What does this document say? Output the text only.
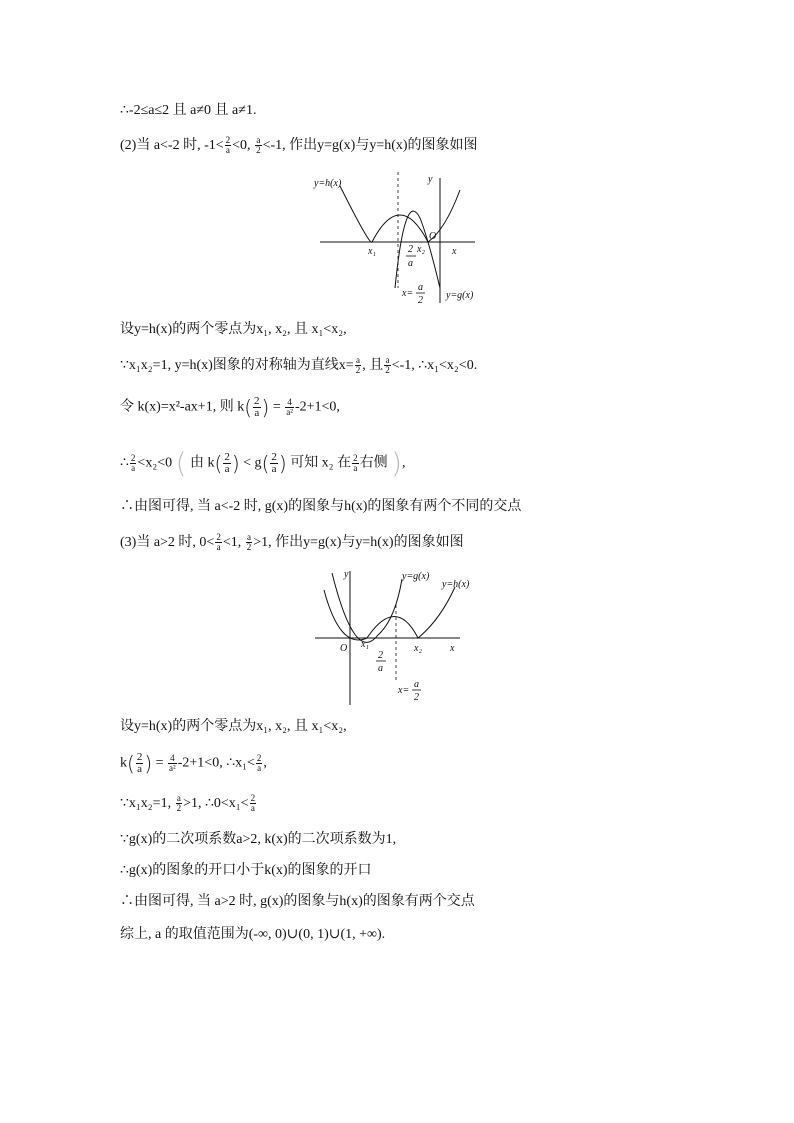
∴-2≤a≤2 且 a≠0 且 a≠1.
(2)当 a<-2 时, $-1< \frac{2}{a} <0$, $\frac{a}{2} <-1$, 作出y=g(x)与y=h(x)的图象如图
y=h(x)	y
x
O
x₁	x₂
2
a
x=
a
2 y=g(x)
设y=h(x)的两个零点为x₁, x₂, 且 x₁<x₂,
∵x₁x₂=1, y=h(x)图象的对称轴为直线$x= \frac{a}{2}$ , 且 $\frac{a}{2} <-1$, ∴x₁<x₂<0.
令 k(x)=x²-ax+1, 则 $k( \frac{2}{a}$ ) = $\frac{4}{\text{a²}} -2+1<0$,
∴ $\frac{2}{a} <x_2<0$ ( 由 $k( \frac{2}{a}$ ) < $g( \frac{2}{a}$ ) 可知 x₂ 在 $\frac{2}{a}$ 右侧 ),
∴由图可得, 当 a<-2 时, g(x)的图象与h(x)的图象有两个不同的交点
(3)当 a>2 时, $0< \frac{2}{a} <1$, $\frac{a}{2} >1$, 作出y=g(x)与y=h(x)的图象如图
y	y=g(x)
y=h(x)
O x₁	x₂	x
2
a
x=
a
2
设y=h(x)的两个零点为x₁, x₂, 且 x₁<x₂,
$k( \frac{2}{a}$ ) = $\frac{4}{\text{a²}} -2+1<0$, ∴x₁< $\frac{2}{a}$ ,
∵x₁x₂=1, $\frac{a}{2} >1$, ∴0<x₁< $\frac{2}{a}$
∵g(x)的二次项系数a>2, k(x)的二次项系数为1,
∴g(x)的图象的开口小于k(x)的图象的开口
∴由图可得, 当 a>2 时, g(x)的图象与h(x)的图象有两个交点
综上, a 的取值范围为(-∞, 0)∪(0, 1)∪(1, +∞).
